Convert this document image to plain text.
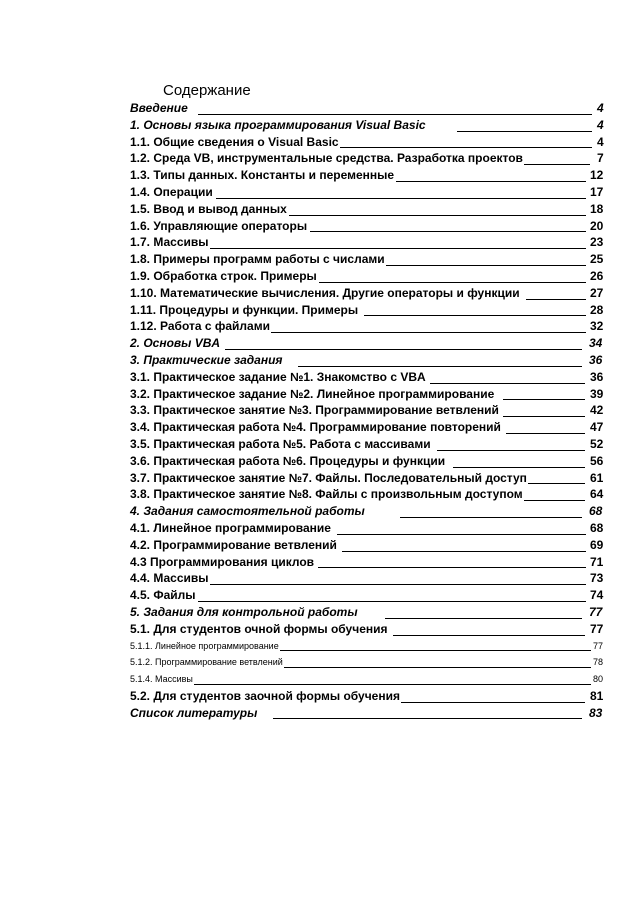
Содержание
Введение	4
1. Основы языка программирования Visual Basic	4
1.1. Общие сведения о Visual Basic	4
1.2. Среда VB, инструментальные средства. Разработка проектов	7
1.3. Типы данных. Константы и переменные	12
1.4. Операции	17
1.5. Ввод и вывод данных	18
1.6. Управляющие операторы	20
1.7. Массивы	23
1.8. Примеры программ работы с числами	25
1.9. Обработка строк. Примеры	26
1.10. Математические вычисления. Другие операторы и функции	27
1.11. Процедуры и функции. Примеры	28
1.12. Работа с файлами	32
2. Основы VBA	34
3. Практические задания	36
3.1. Практическое задание №1. Знакомство с VBA	36
3.2. Практическое задание №2. Линейное программирование	39
3.3. Практическое занятие №3. Программирование ветвлений	42
3.4. Практическая работа №4. Программирование повторений	47
3.5. Практическая работа №5. Работа с массивами	52
3.6. Практическая работа №6. Процедуры и функции	56
3.7. Практическое занятие №7. Файлы. Последовательный доступ	61
3.8. Практическое занятие №8. Файлы с произвольным доступом	64
4. Задания самостоятельной работы	68
4.1. Линейное программирование	68
4.2. Программирование ветвлений	69
4.3 Программирования циклов	71
4.4. Массивы	73
4.5. Файлы	74
5. Задания для контрольной работы	77
5.1. Для студентов очной формы обучения	77
5.1.1. Линейное программирование	77
5.1.2. Программирование ветвлений	78
5.1.4. Массивы	80
5.2. Для студентов заочной формы обучения	81
Список литературы	83
